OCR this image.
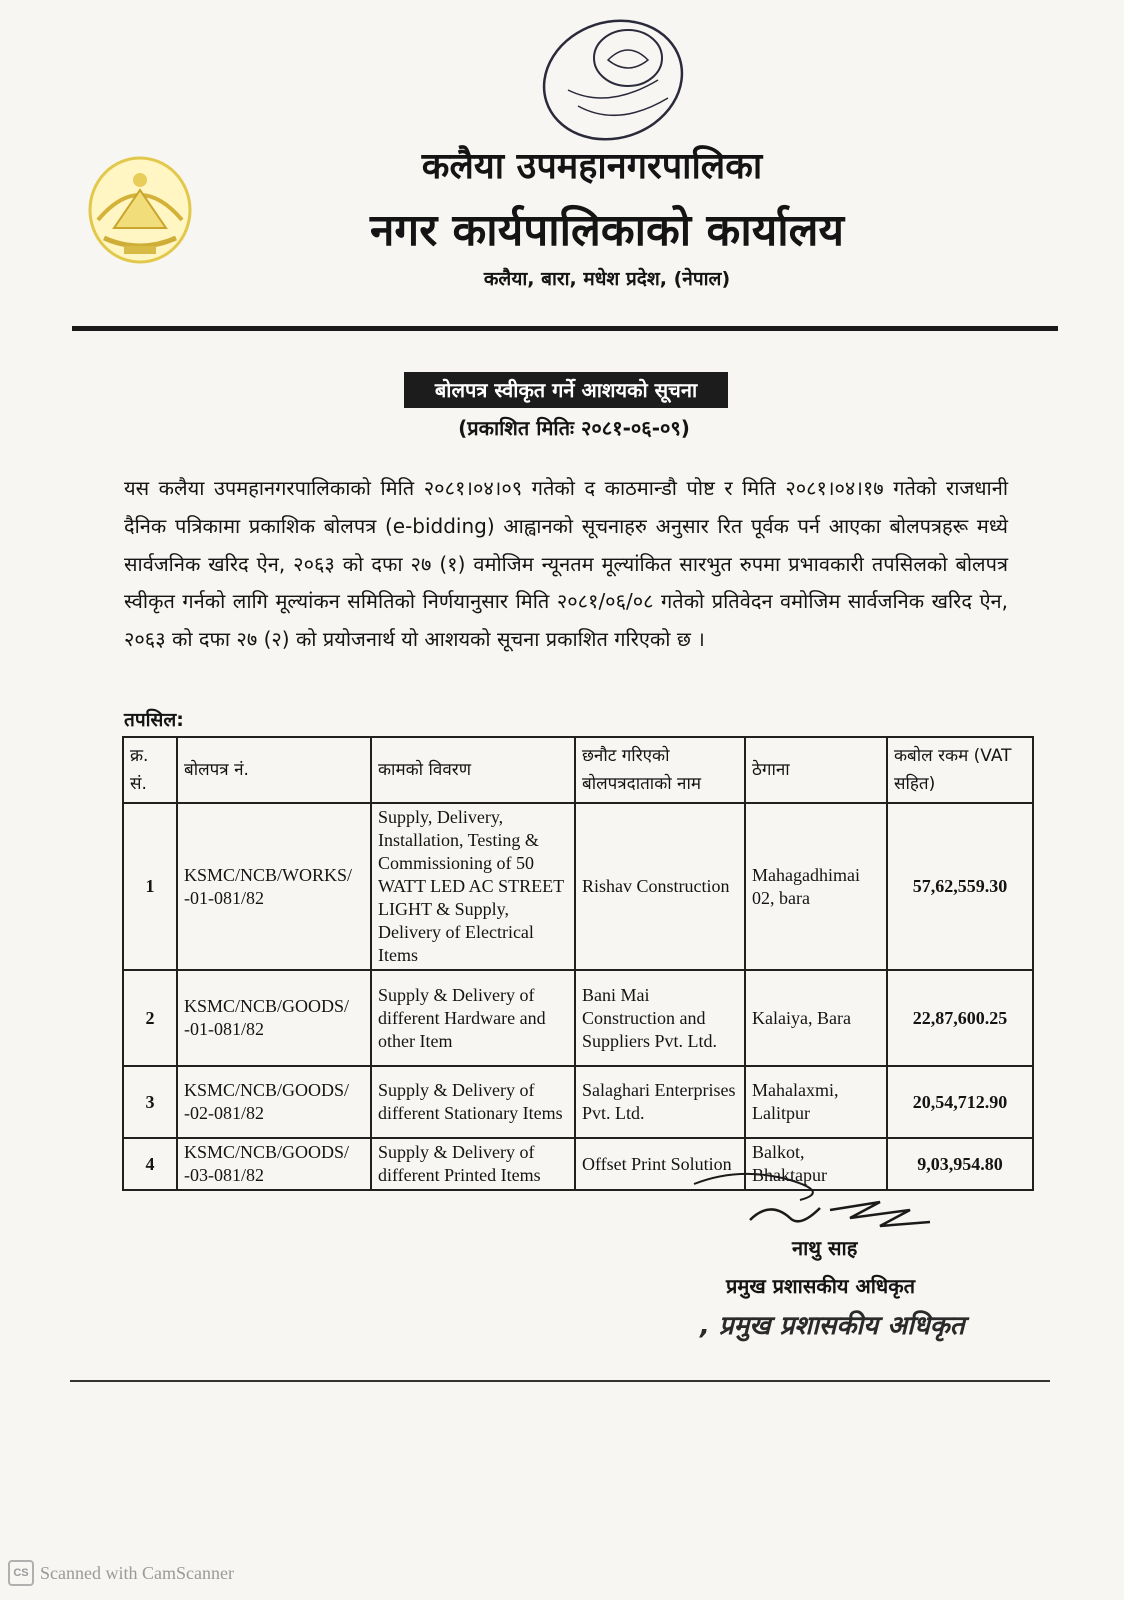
कलैया उपमहानगरपालिका
नगर कार्यपालिकाको कार्यालय
कलैया, बारा, मधेश प्रदेश, (नेपाल)
बोलपत्र स्वीकृत गर्ने आशयको सूचना
(प्रकाशित मितिः २०८१-०६-०९)
यस कलैया उपमहानगरपालिकाको मिति २०८१।०४।०९ गतेको द काठमान्डौ पोष्ट र मिति २०८१।०४।१७ गतेको राजधानी दैनिक पत्रिकामा प्रकाशिक बोलपत्र (e-bidding) आह्वानको सूचनाहरु अनुसार रित पूर्वक पर्न आएका बोलपत्रहरू मध्ये सार्वजनिक खरिद ऐन, २०६३ को दफा २७ (१) वमोजिम न्यूनतम मूल्यांकित सारभुत रुपमा प्रभावकारी तपसिलको बोलपत्र स्वीकृत गर्नको लागि मूल्यांकन समितिको निर्णयानुसार मिति २०८१/०६/०८ गतेको प्रतिवेदन वमोजिम सार्वजनिक खरिद ऐन, २०६३ को दफा २७ (२) को प्रयोजनार्थ यो आशयको सूचना प्रकाशित गरिएको छ ।
तपसिल:
क्र. सं.	बोलपत्र नं.	कामको विवरण	छनौट गरिएको बोलपत्रदाताको नाम	ठेगाना	कबोल रकम (VAT सहित)
1	KSMC/NCB/WORKS/ -01-081/82	Supply, Delivery, Installation, Testing & Commissioning of 50 WATT LED AC STREET LIGHT & Supply, Delivery of Electrical Items	Rishav Construction	Mahagadhimai 02, bara	57,62,559.30
2	KSMC/NCB/GOODS/ -01-081/82	Supply & Delivery of different Hardware and other Item	Bani Mai Construction and Suppliers Pvt. Ltd.	Kalaiya, Bara	22,87,600.25
3	KSMC/NCB/GOODS/ -02-081/82	Supply & Delivery of different Stationary Items	Salaghari Enterprises Pvt. Ltd.	Mahalaxmi, Lalitpur	20,54,712.90
4	KSMC/NCB/GOODS/ -03-081/82	Supply & Delivery of different Printed Items	Offset Print Solution	Balkot, Bhaktapur	9,03,954.80
नाथु साह
प्रमुख प्रशासकीय अधिकृत
, प्रमुख प्रशासकीय अधिकृत
CS Scanned with CamScanner
